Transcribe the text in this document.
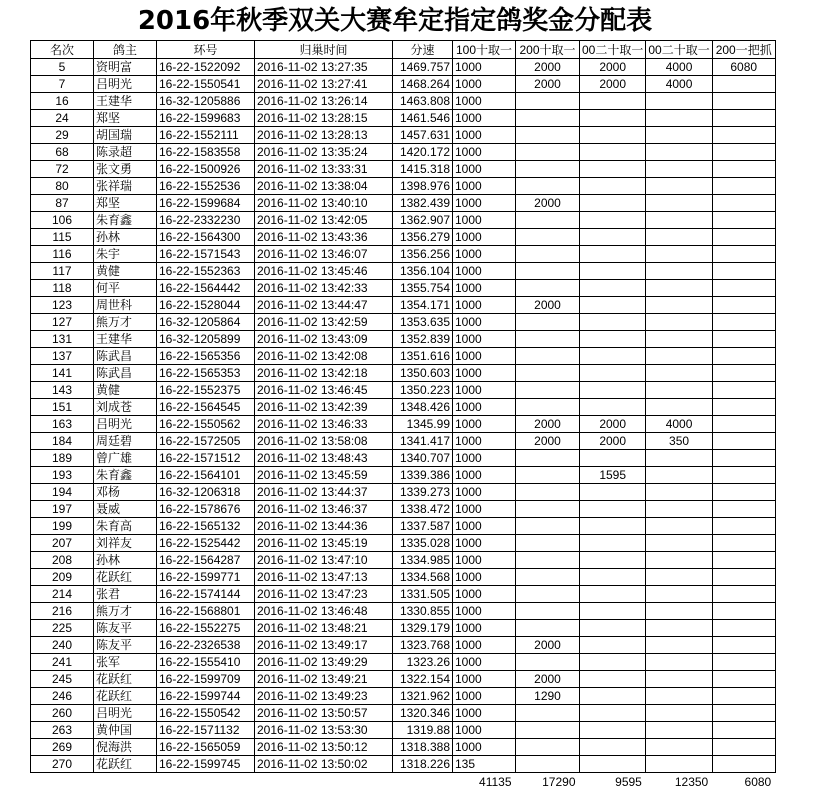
2016年秋季双关大赛牟定指定鸽奖金分配表
名次	鸽主	环号	归巢时间	分速	100十取一	200十取一	00二十取一	00二十取一	200一把抓
5	资明富	16-22-1522092	2016-11-02 13:27:35	1469.757	1000	2000	2000	4000	6080
7	吕明光	16-22-1550541	2016-11-02 13:27:41	1468.264	1000	2000	2000	4000	
16	王建华	16-32-1205886	2016-11-02 13:26:14	1463.808	1000				
24	郑坚	16-22-1599683	2016-11-02 13:28:15	1461.546	1000				
29	胡国瑞	16-22-1552111	2016-11-02 13:28:13	1457.631	1000				
68	陈录超	16-22-1583558	2016-11-02 13:35:24	1420.172	1000				
72	张文勇	16-22-1500926	2016-11-02 13:33:31	1415.318	1000				
80	张祥瑞	16-22-1552536	2016-11-02 13:38:04	1398.976	1000				
87	郑坚	16-22-1599684	2016-11-02 13:40:10	1382.439	1000	2000			
106	朱育鑫	16-22-2332230	2016-11-02 13:42:05	1362.907	1000				
115	孙林	16-22-1564300	2016-11-02 13:43:36	1356.279	1000				
116	朱宇	16-22-1571543	2016-11-02 13:46:07	1356.256	1000				
117	黄健	16-22-1552363	2016-11-02 13:45:46	1356.104	1000				
118	何平	16-22-1564442	2016-11-02 13:42:33	1355.754	1000				
123	周世科	16-22-1528044	2016-11-02 13:44:47	1354.171	1000	2000			
127	熊万才	16-32-1205864	2016-11-02 13:42:59	1353.635	1000				
131	王建华	16-32-1205899	2016-11-02 13:43:09	1352.839	1000				
137	陈武昌	16-22-1565356	2016-11-02 13:42:08	1351.616	1000				
141	陈武昌	16-22-1565353	2016-11-02 13:42:18	1350.603	1000				
143	黄健	16-22-1552375	2016-11-02 13:46:45	1350.223	1000				
151	刘成苍	16-22-1564545	2016-11-02 13:42:39	1348.426	1000				
163	吕明光	16-22-1550562	2016-11-02 13:46:33	1345.99	1000	2000	2000	4000	
184	周廷碧	16-22-1572505	2016-11-02 13:58:08	1341.417	1000	2000	2000	350	
189	曾广雄	16-22-1571512	2016-11-02 13:48:43	1340.707	1000				
193	朱育鑫	16-22-1564101	2016-11-02 13:45:59	1339.386	1000		1595		
194	邓杨	16-32-1206318	2016-11-02 13:44:37	1339.273	1000				
197	聂威	16-22-1578676	2016-11-02 13:46:37	1338.472	1000				
199	朱育高	16-22-1565132	2016-11-02 13:44:36	1337.587	1000				
207	刘祥友	16-22-1525442	2016-11-02 13:45:19	1335.028	1000				
208	孙林	16-22-1564287	2016-11-02 13:47:10	1334.985	1000				
209	花跃红	16-22-1599771	2016-11-02 13:47:13	1334.568	1000				
214	张君	16-22-1574144	2016-11-02 13:47:23	1331.505	1000				
216	熊万才	16-22-1568801	2016-11-02 13:46:48	1330.855	1000				
225	陈友平	16-22-1552275	2016-11-02 13:48:21	1329.179	1000				
240	陈友平	16-22-2326538	2016-11-02 13:49:17	1323.768	1000	2000			
241	张军	16-22-1555410	2016-11-02 13:49:29	1323.26	1000				
245	花跃红	16-22-1599709	2016-11-02 13:49:21	1322.154	1000	2000			
246	花跃红	16-22-1599744	2016-11-02 13:49:23	1321.962	1000	1290			
260	吕明光	16-22-1550542	2016-11-02 13:50:57	1320.346	1000				
263	黄仲国	16-22-1571132	2016-11-02 13:53:30	1319.88	1000				
269	倪海洪	16-22-1565059	2016-11-02 13:50:12	1318.388	1000				
270	花跃红	16-22-1599745	2016-11-02 13:50:02	1318.226	135				
					41135	17290	9595	12350	6080
